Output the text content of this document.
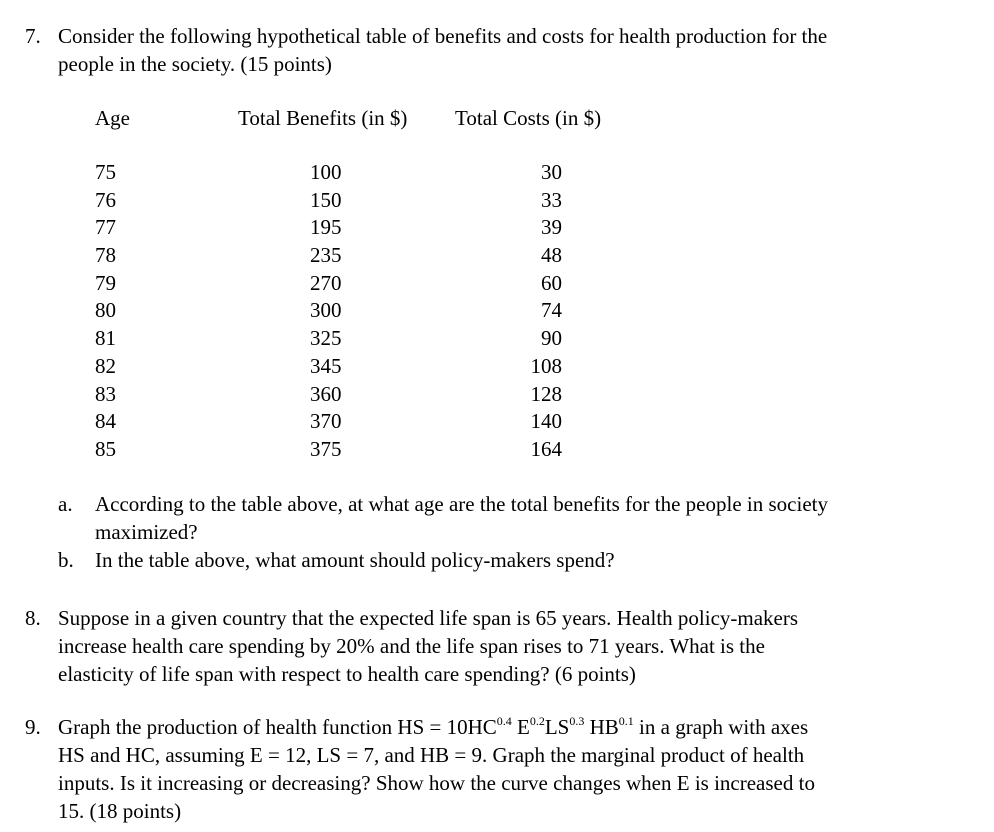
7. Consider the following hypothetical table of benefits and costs for health production for the
people in the society. (15 points)
Age	Total Benefits (in $) Total Costs (in $)
75
76
77
78
79
80
81
82
83
84
85
100
150
195
235
270
300
325
345
360
370
375
30
33
39
48
60
74
90
108
128
140
164
a. According to the table above, at what age are the total benefits for the people in society
maximized?
b. In the table above, what amount should policy-makers spend?
8. Suppose in a given country that the expected life span is 65 years. Health policy-makers
increase health care spending by 20% and the life span rises to 71 years. What is the
elasticity of life span with respect to health care spending? (6 points)
9. Graph the production of health function HS = $10HC^{0.4}$ $E^{0.2}LS^{0.3}$ $HB^{0.1}$ in a graph with axes
HS and HC, assuming E = 12, LS = 7, and HB = 9. Graph the marginal product of health
inputs. Is it increasing or decreasing? Show how the curve changes when E is increased to
15. (18 points)
